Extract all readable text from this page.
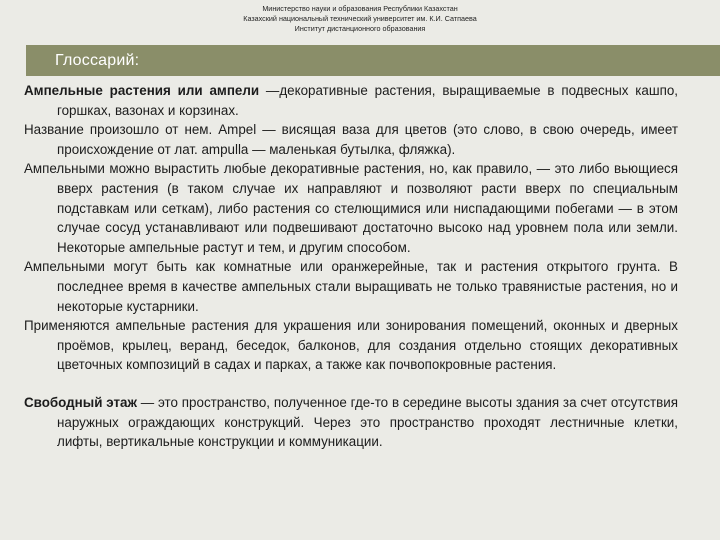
Министерство науки и образования Республики Казахстан
Казахский национальный технический университет им. К.И. Сатпаева
Институт дистанционного образования
Глоссарий:

Ампельные растения или ампели —декоративные растения, выращиваемые в подвесных кашпо, горшках, вазонах и корзинах.

Название произошло от нем. Ampel — висящая ваза для цветов (это слово, в свою очередь, имеет происхождение от лат. ampulla — маленькая бутылка, фляжка).

Ампельными можно вырастить любые декоративные растения, но, как правило, — это либо вьющиеся вверх растения (в таком случае их направляют и позволяют расти вверх по специальным подставкам или сеткам), либо растения со стелющимися или ниспадающими побегами — в этом случае сосуд устанавливают или подвешивают достаточно высоко над уровнем пола или земли. Некоторые ампельные растут и тем, и другим способом.

Ампельными могут быть как комнатные или оранжерейные, так и растения открытого грунта. В последнее время в качестве ампельных стали выращивать не только травянистые растения, но и некоторые кустарники.

Применяются ампельные растения для украшения или зонирования помещений, оконных и дверных проёмов, крылец, веранд, беседок, балконов, для создания отдельно стоящих декоративных цветочных композиций в садах и парках, а также как почвопокровные растения.

Свободный этаж — это пространство, полученное где-то в середине высоты здания за счет отсутствия наружных ограждающих конструкций. Через это пространство проходят лестничные клетки, лифты, вертикальные конструкции и коммуникации.
